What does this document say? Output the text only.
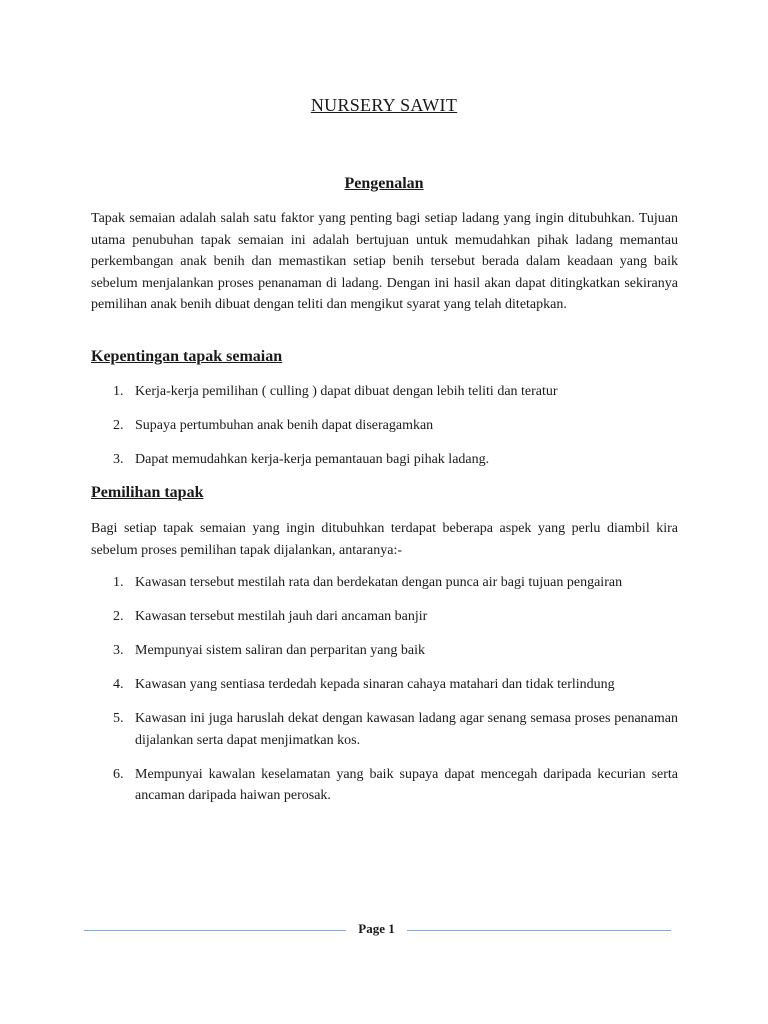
NURSERY SAWIT
Pengenalan
Tapak semaian adalah salah satu faktor yang penting bagi setiap ladang yang ingin ditubuhkan. Tujuan utama penubuhan tapak semaian ini adalah bertujuan untuk memudahkan pihak ladang memantau perkembangan anak benih dan memastikan setiap benih tersebut berada dalam keadaan yang baik sebelum menjalankan proses penanaman di ladang. Dengan ini hasil akan dapat ditingkatkan sekiranya pemilihan anak benih dibuat dengan teliti dan mengikut syarat yang telah ditetapkan.
Kepentingan tapak semaian
1. Kerja-kerja pemilihan ( culling ) dapat dibuat dengan lebih teliti dan teratur
2. Supaya pertumbuhan anak benih dapat diseragamkan
3. Dapat memudahkan kerja-kerja pemantauan bagi pihak ladang.
Pemilihan tapak
Bagi setiap tapak semaian yang ingin ditubuhkan terdapat beberapa aspek yang perlu diambil kira sebelum proses pemilihan tapak dijalankan, antaranya:-
1. Kawasan tersebut mestilah rata dan berdekatan dengan punca air bagi tujuan pengairan
2. Kawasan tersebut mestilah jauh dari ancaman banjir
3. Mempunyai sistem saliran dan perparitan yang baik
4. Kawasan yang sentiasa terdedah kepada sinaran cahaya matahari dan tidak terlindung
5. Kawasan ini juga haruslah dekat dengan kawasan ladang agar senang semasa proses penanaman dijalankan serta dapat menjimatkan kos.
6. Mempunyai kawalan keselamatan yang baik supaya dapat mencegah daripada kecurian serta ancaman daripada haiwan perosak.
Page 1
